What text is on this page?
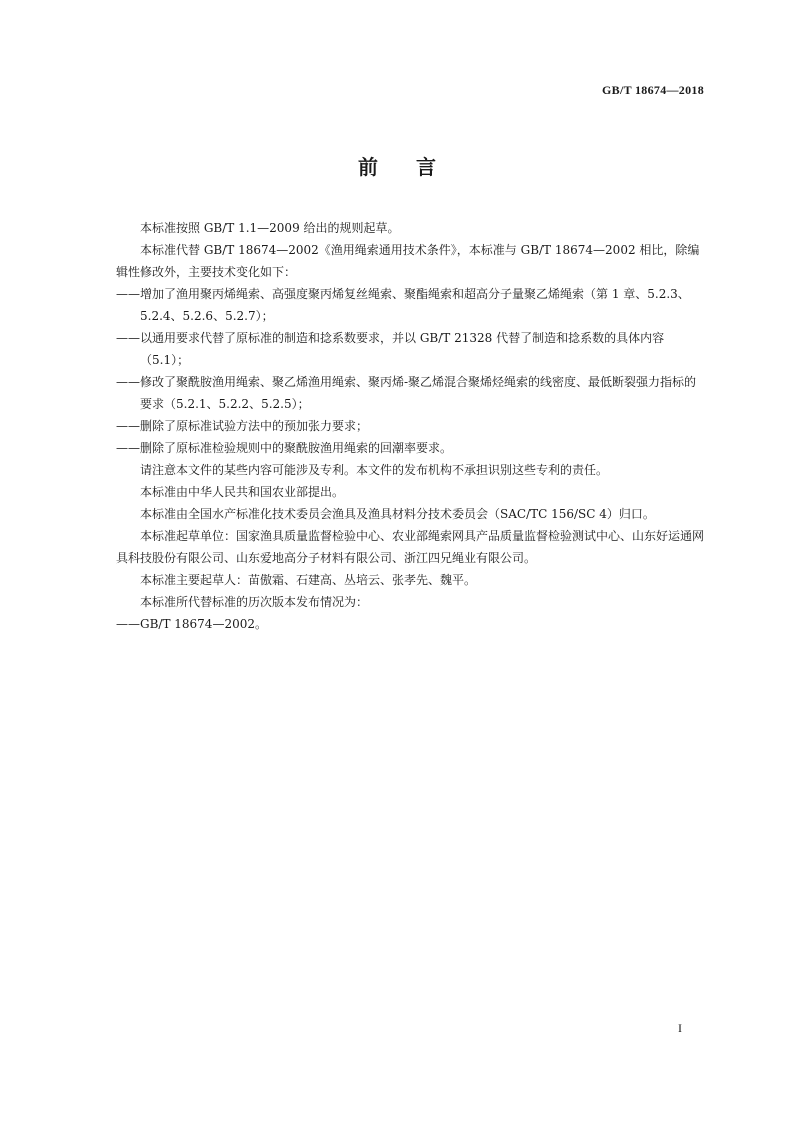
GB/T 18674—2018
前言

本标准按照 GB/T 1.1—2009 给出的规则起草。

本标准代替 GB/T 18674—2002《渔用绳索通用技术条件》，本标准与 GB/T 18674—2002 相比，除编辑性修改外，主要技术变化如下：

——增加了渔用聚丙烯绳索、高强度聚丙烯复丝绳索、聚酯绳索和超高分子量聚乙烯绳索（第 1 章、5.2.3、5.2.4、5.2.6、5.2.7）；

——以通用要求代替了原标准的制造和捻系数要求，并以 GB/T 21328 代替了制造和捻系数的具体内容（5.1）；

——修改了聚酰胺渔用绳索、聚乙烯渔用绳索、聚丙烯-聚乙烯混合聚烯烃绳索的线密度、最低断裂强力指标的要求（5.2.1、5.2.2、5.2.5）；

——删除了原标准试验方法中的预加张力要求；

——删除了原标准检验规则中的聚酰胺渔用绳索的回潮率要求。

请注意本文件的某些内容可能涉及专利。本文件的发布机构不承担识别这些专利的责任。

本标准由中华人民共和国农业部提出。

本标准由全国水产标准化技术委员会渔具及渔具材料分技术委员会（SAC/TC 156/SC 4）归口。

本标准起草单位：国家渔具质量监督检验中心、农业部绳索网具产品质量监督检验测试中心、山东好运通网具科技股份有限公司、山东爱地高分子材料有限公司、浙江四兄绳业有限公司。

本标准主要起草人：苗傲霜、石建高、丛培云、张孝先、魏平。

本标准所代替标准的历次版本发布情况为：

——GB/T 18674—2002。

I
